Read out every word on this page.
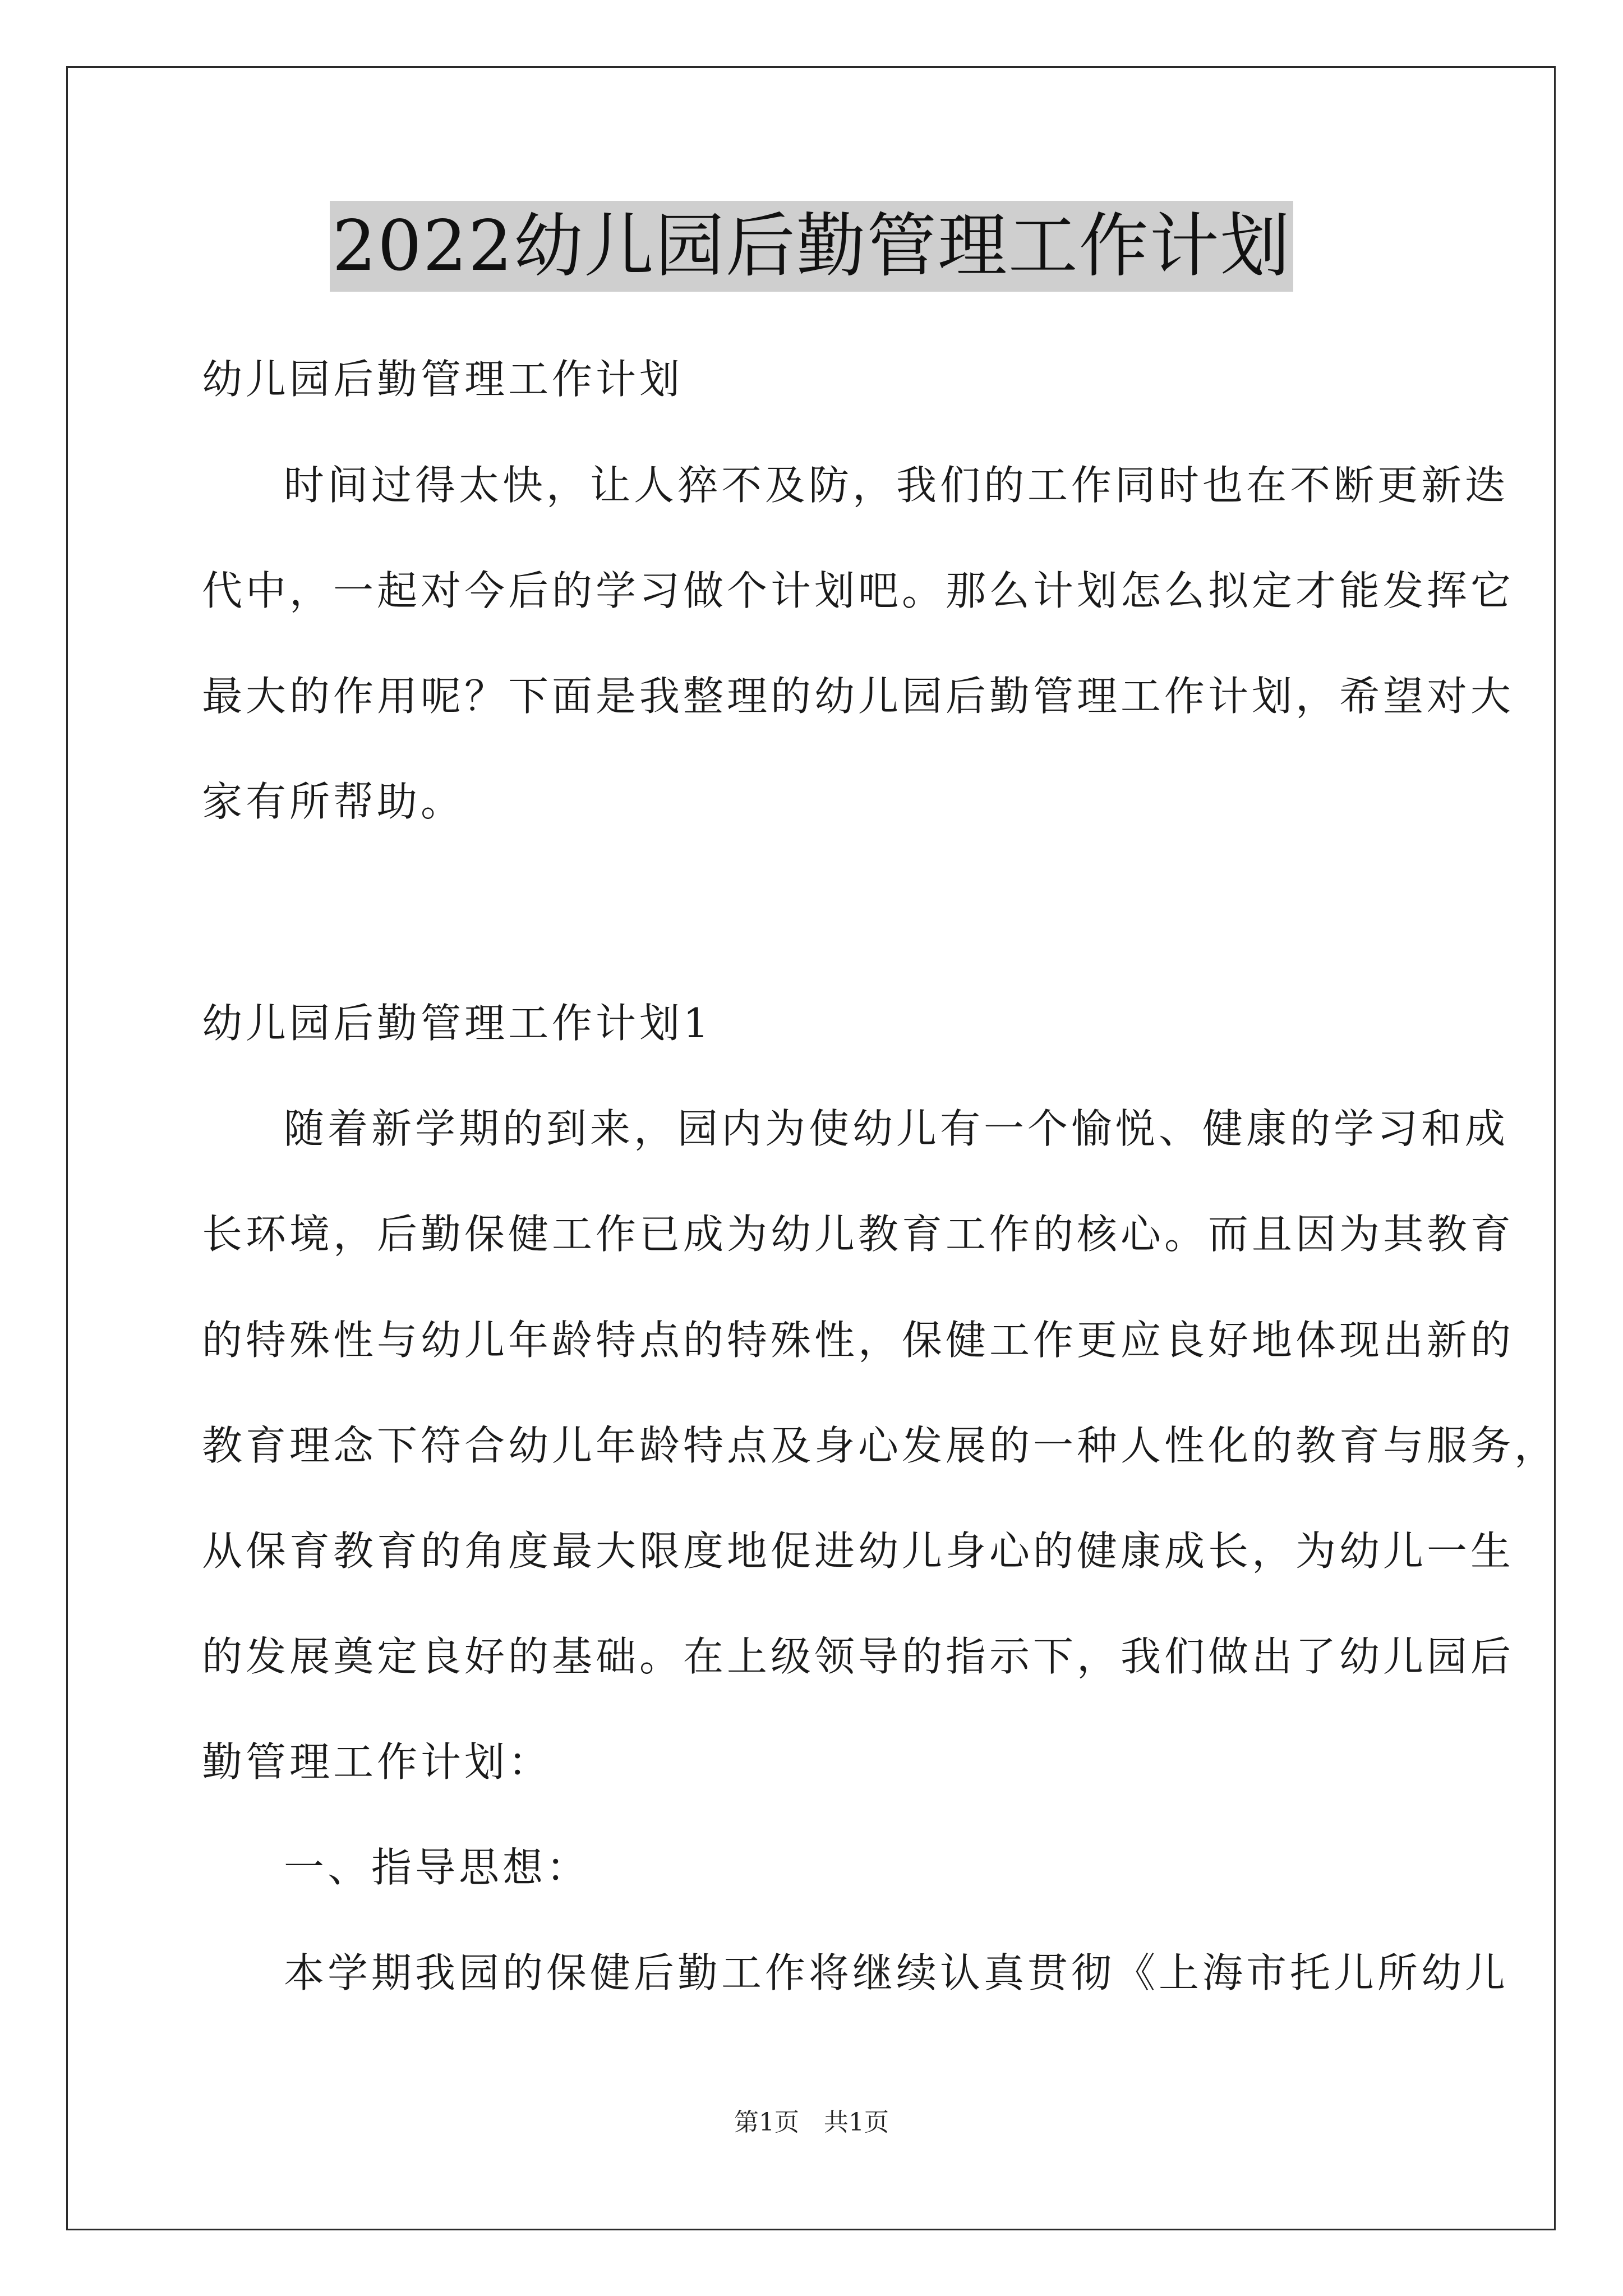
2022幼儿园后勤管理工作计划
幼儿园后勤管理工作计划
时间过得太快，让人猝不及防，我们的工作同时也在不断更新迭
代中，一起对今后的学习做个计划吧。那么计划怎么拟定才能发挥它
最大的作用呢？下面是我整理的幼儿园后勤管理工作计划，希望对大
家有所帮助。
幼儿园后勤管理工作计划1
随着新学期的到来，园内为使幼儿有一个愉悦、健康的学习和成
长环境，后勤保健工作已成为幼儿教育工作的核心。而且因为其教育
的特殊性与幼儿年龄特点的特殊性，保健工作更应良好地体现出新的
教育理念下符合幼儿年龄特点及身心发展的一种人性化的教育与服务，
从保育教育的角度最大限度地促进幼儿身心的健康成长，为幼儿一生
的发展奠定良好的基础。在上级领导的指示下，我们做出了幼儿园后
勤管理工作计划：
一、指导思想：
本学期我园的保健后勤工作将继续认真贯彻《上海市托儿所幼儿
第1页　共1页
